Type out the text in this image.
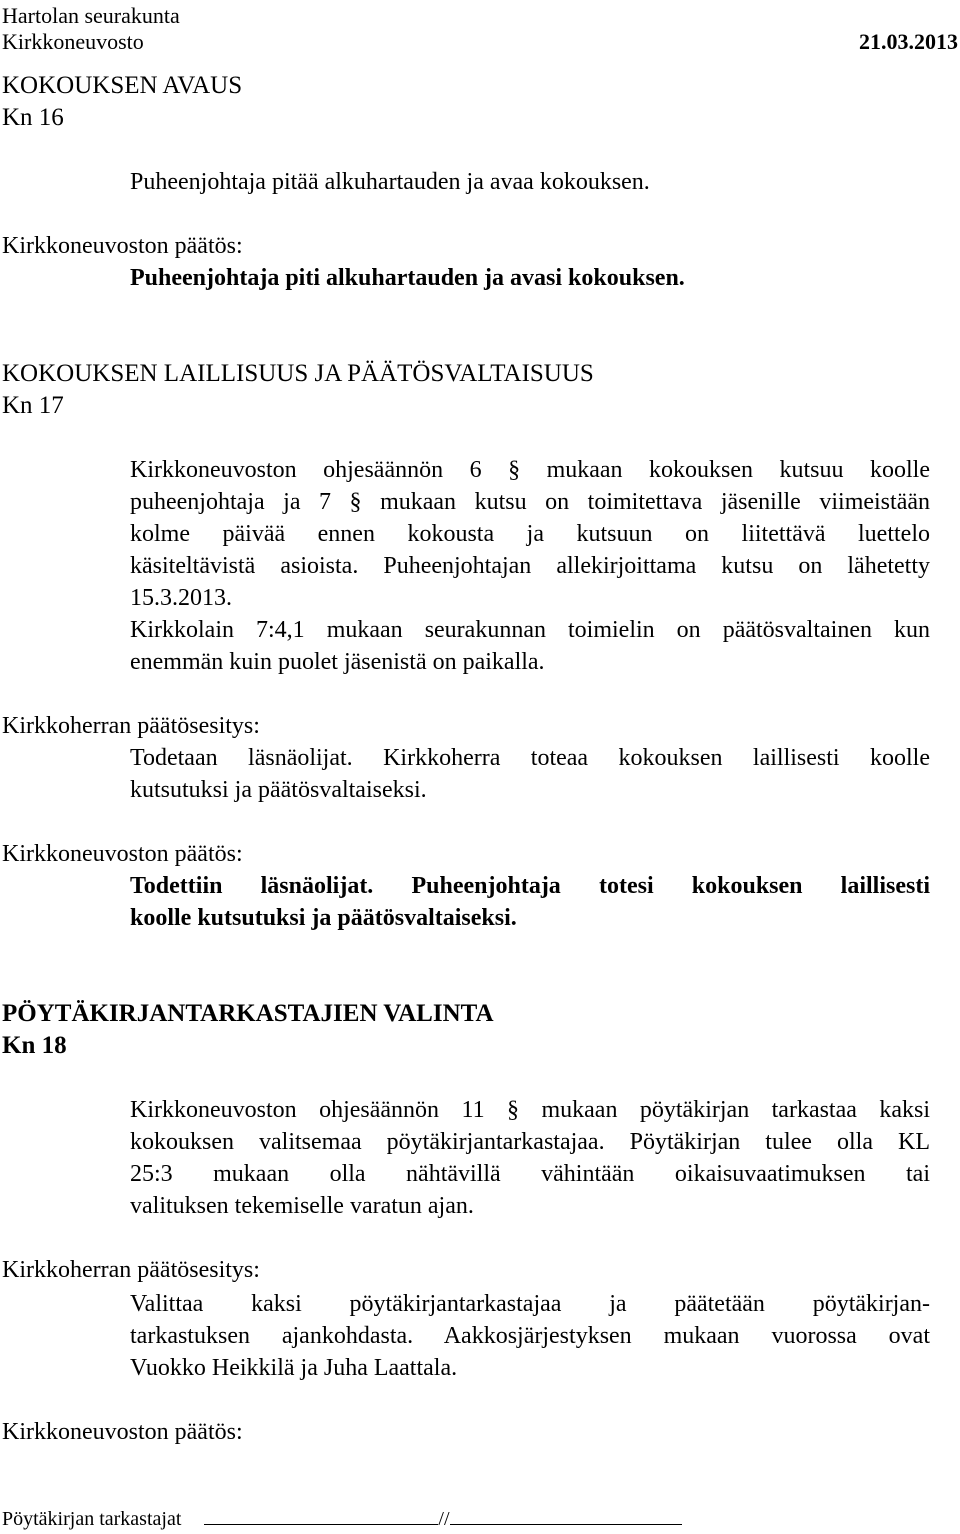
Hartolan seurakunta
Kirkkoneuvosto	21.03.2013
KOKOUKSEN AVAUS
Kn 16
Puheenjohtaja pitää alkuhartauden ja avaa kokouksen.
Kirkkoneuvoston päätös:
Puheenjohtaja piti alkuhartauden ja avasi kokouksen.
KOKOUKSEN LAILLISUUS JA PÄÄTÖSVALTAISUUS
Kn 17
Kirkkoneuvoston ohjesäännön 6 § mukaan kokouksen kutsuu koolle
puheenjohtaja ja 7 § mukaan kutsu on toimitettava jäsenille viimeistään
kolme päivää ennen kokousta ja kutsuun on liitettävä luettelo
käsiteltävistä asioista. Puheenjohtajan allekirjoittama kutsu on lähetetty
15.3.2013.
Kirkkolain 7:4,1 mukaan seurakunnan toimielin on päätösvaltainen kun
enemmän kuin puolet jäsenistä on paikalla.
Kirkkoherran päätösesitys:
Todetaan läsnäolijat. Kirkkoherra toteaa kokouksen laillisesti koolle
kutsutuksi ja päätösvaltaiseksi.
Kirkkoneuvoston päätös:
Todettiin läsnäolijat. Puheenjohtaja totesi kokouksen laillisesti
koolle kutsutuksi ja päätösvaltaiseksi.
PÖYTÄKIRJANTARKASTAJIEN VALINTA
Kn 18
Kirkkoneuvoston ohjesäännön 11 § mukaan pöytäkirjan tarkastaa kaksi
kokouksen valitsemaa pöytäkirjantarkastajaa. Pöytäkirjan tulee olla KL
25:3 mukaan olla nähtävillä vähintään oikaisuvaatimuksen tai
valituksen tekemiselle varatun ajan.
Kirkkoherran päätösesitys:
Valittaa kaksi pöytäkirjantarkastajaa ja päätetään pöytäkirjan-
tarkastuksen ajankohdasta. Aakkosjärjestyksen mukaan vuorossa ovat
Vuokko Heikkilä ja Juha Laattala.
Kirkkoneuvoston päätös:
Pöytäkirjan tarkastajat	//
